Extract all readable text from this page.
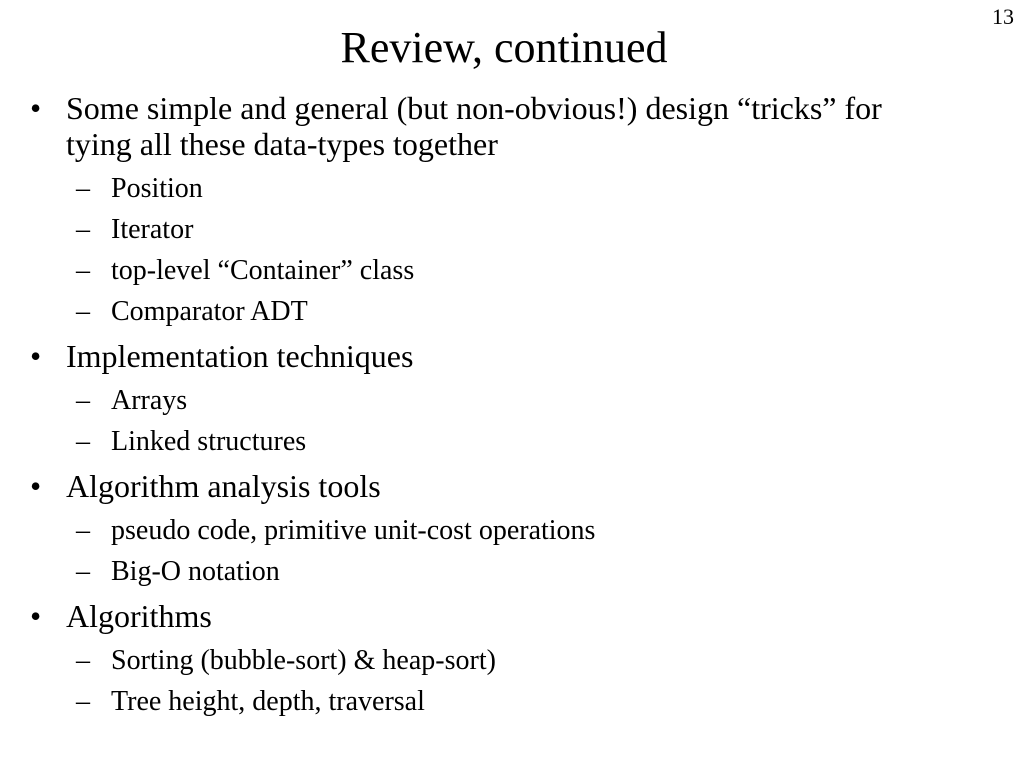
13
Review, continued
• Some simple and general (but non-obvious!) design “tricks” for tying all these data-types together
– Position
– Iterator
– top-level “Container” class
– Comparator ADT
• Implementation techniques
– Arrays
– Linked structures
• Algorithm analysis tools
– pseudo code, primitive unit-cost operations
– Big-O notation
• Algorithms
– Sorting (bubble-sort) & heap-sort)
– Tree height, depth, traversal
